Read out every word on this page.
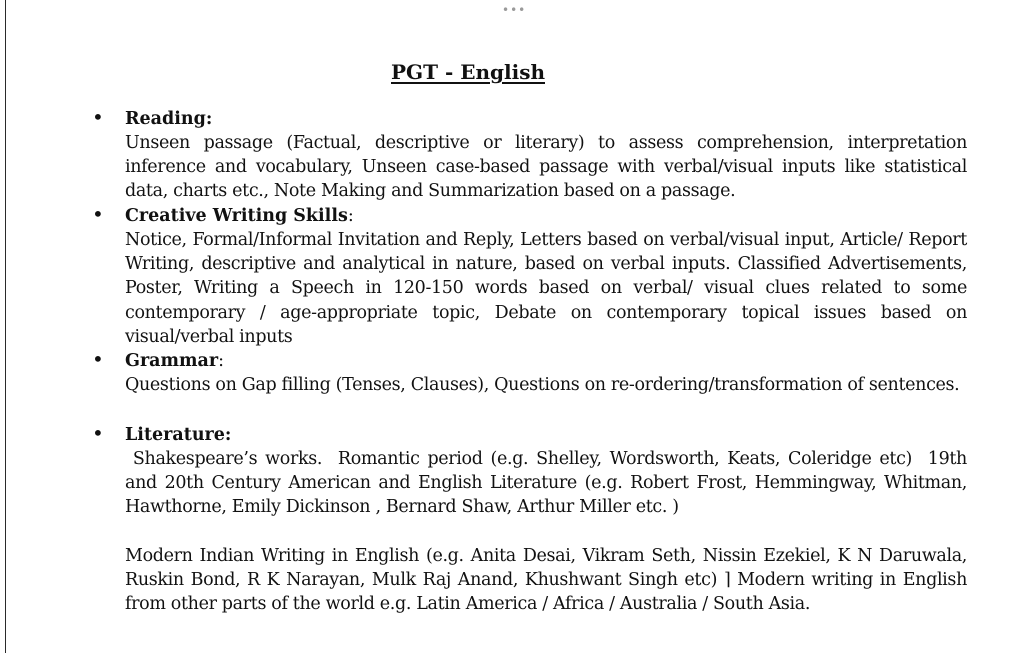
•••
PGT - English
• Reading:
Unseen passage (Factual, descriptive or literary) to assess comprehension, interpretation inference and vocabulary, Unseen case-based passage with verbal/visual inputs like statistical data, charts etc., Note Making and Summarization based on a passage.
• Creative Writing Skills:
Notice, Formal/Informal Invitation and Reply, Letters based on verbal/visual input, Article/ Report Writing, descriptive and analytical in nature, based on verbal inputs. Classified Advertisements, Poster, Writing a Speech in 120-150 words based on verbal/ visual clues related to some contemporary / age-appropriate topic, Debate on contemporary topical issues based on visual/verbal inputs
• Grammar:
Questions on Gap filling (Tenses, Clauses), Questions on re-ordering/transformation of sentences.
• Literature:
Shakespeare’s works.  Romantic period (e.g. Shelley, Wordsworth, Keats, Coleridge etc)  19th and 20th Century American and English Literature (e.g. Robert Frost, Hemmingway, Whitman, Hawthorne, Emily Dickinson , Bernard Shaw, Arthur Miller etc. )
Modern Indian Writing in English (e.g. Anita Desai, Vikram Seth, Nissin Ezekiel, K N Daruwala, Ruskin Bond, R K Narayan, Mulk Raj Anand, Khushwant Singh etc) ⌉ Modern writing in English from other parts of the world e.g. Latin America / Africa / Australia / South Asia.
